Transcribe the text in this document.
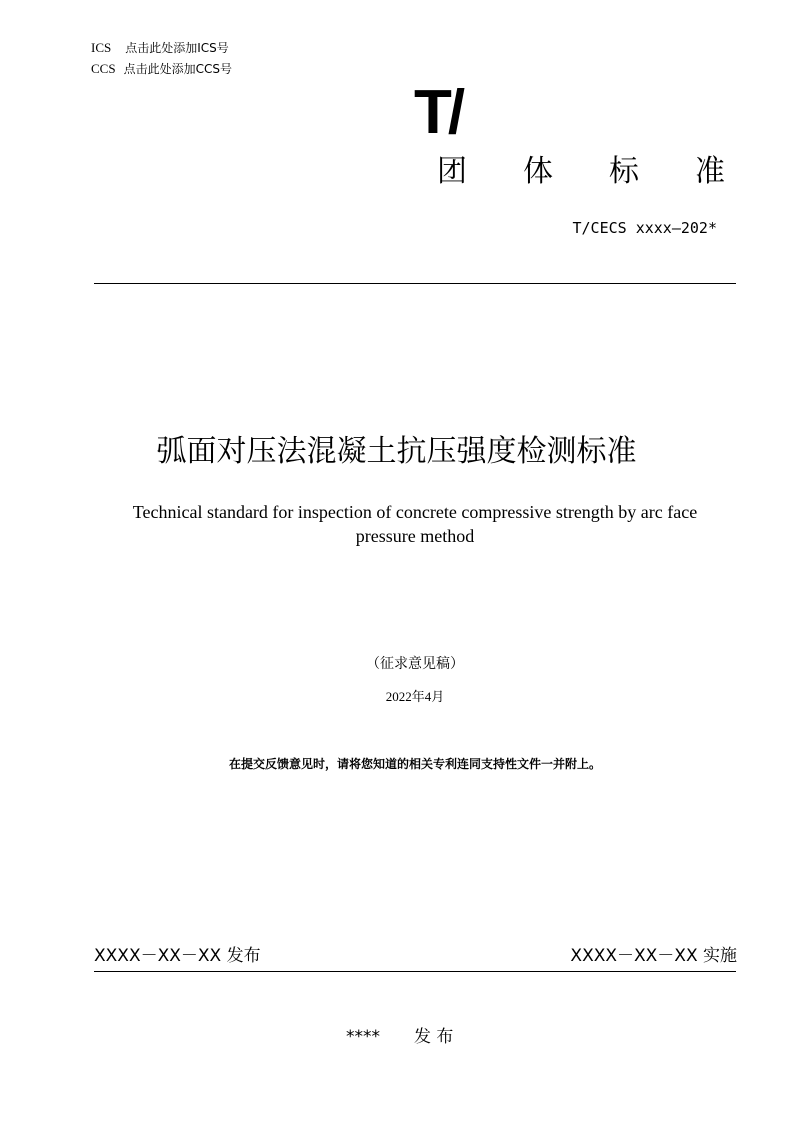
ICS 点击此处添加ICS号
CCS 点击此处添加CCS号
T/
团 体 标 准
T/CECS xxxx—202*
弧面对压法混凝土抗压强度检测标准
Technical standard for inspection of concrete compressive strength by arc face
pressure method
（征求意见稿）
2022年4月
在提交反馈意见时，请将您知道的相关专利连同支持性文件一并附上。
XXXX－XX－XX 发布	XXXX－XX－XX 实施
**** 发 布
